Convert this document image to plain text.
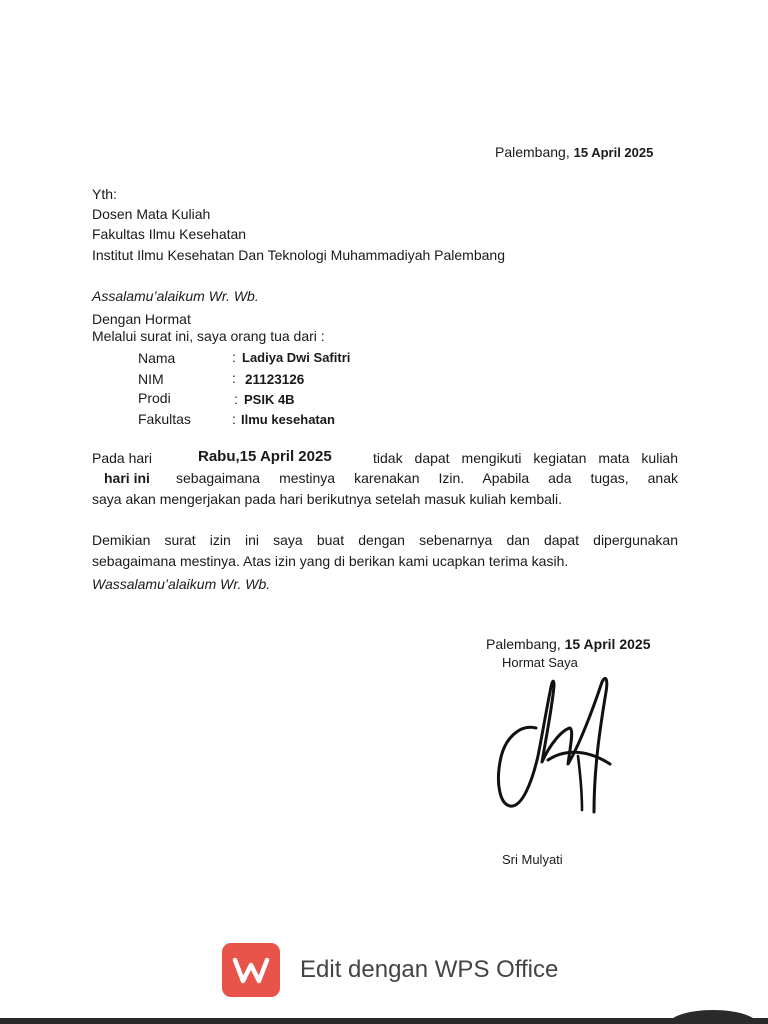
Palembang, 15 April 2025
Yth:
Dosen Mata Kuliah
Fakultas Ilmu Kesehatan
Institut Ilmu Kesehatan Dan Teknologi Muhammadiyah Palembang
Assalamu’alaikum Wr. Wb.
Dengan Hormat
Melalui surat ini, saya orang tua dari :
Nama	: Ladiya Dwi Safitri
NIM	: 21123126
Prodi	: PSIK 4B
Fakultas	: Ilmu kesehatan
Pada hari	Rabu,15 April 2025	tidak dapat mengikuti kegiatan mata kuliah
hari ini sebagaimana mestinya karenakan Izin. Apabila ada tugas, anak
saya akan mengerjakan pada hari berikutnya setelah masuk kuliah kembali.
Demikian surat izin ini saya buat dengan sebenarnya dan dapat dipergunakan
sebagaimana mestinya. Atas izin yang di berikan kami ucapkan terima kasih.
Wassalamu’alaikum Wr. Wb.
Palembang, 15 April 2025
Hormat Saya
Sri Mulyati
Edit dengan WPS Office
